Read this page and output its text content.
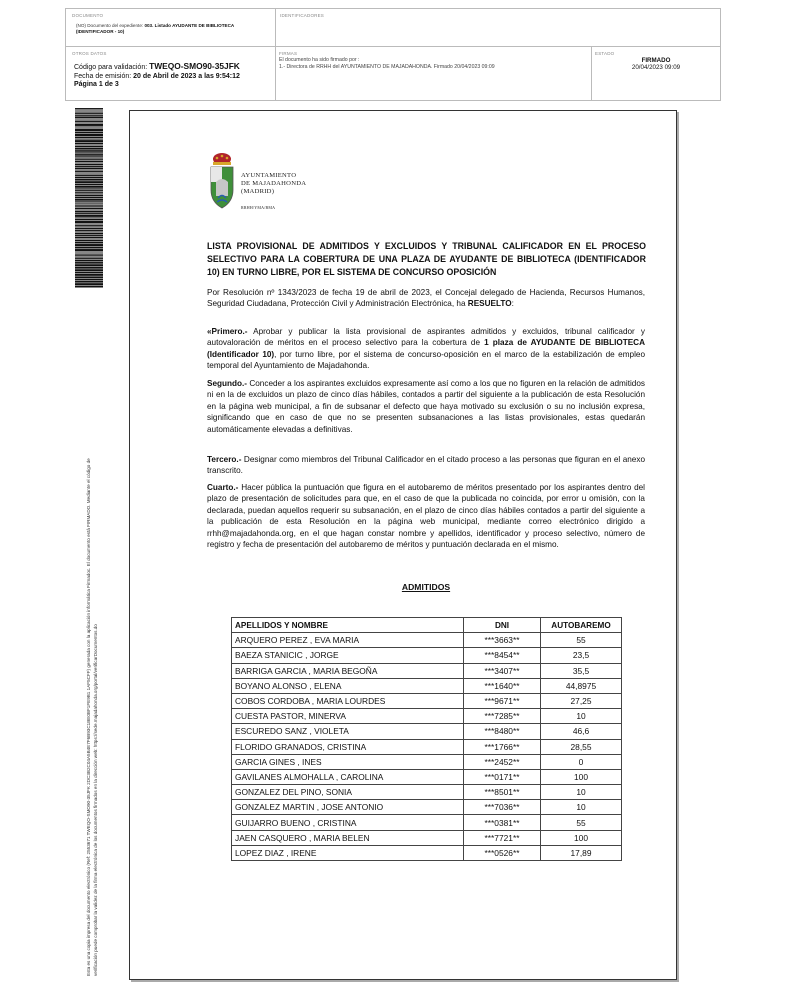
DOCUMENTO
(NO) Documento del expediente: 003. Listado AYUDANTE DE BIBLIOTECA (IDENTIFICADOR - 10)
IDENTIFICADORES
OTROS DATOS
Código para validación: TWEQO-SMO90-35JFK
Fecha de emisión: 20 de Abril de 2023 a las 9:54:12
Página 1 de 3
FIRMAS
El documento ha sido firmado por :
1.- Directora de RRHH del AYUNTAMIENTO DE MAJADAHONDA. Firmado 20/04/2023 09:09
ESTADO
FIRMADO
20/04/2023 09:09
Esta es una copia impresa del documento electrónico (Ref: 2553671 TWEQO-SMO90-35JFK 2DC3B2C04A5B4E7F6B93C1BE0BF1FE9B1 1AF5CFF) generada con la aplicación informática Firmadoc. El documento está FIRMADO. Mediante el código de verificación puede comprobar la validez de la firma electrónica de los documentos firmados en la dirección web: https://sede.majadahonda.org/portal/verificarDocumentos.do
AYUNTAMIENTO
DE MAJADAHONDA
(MADRID)
RRHH/YMA/BMA
LISTA PROVISIONAL DE ADMITIDOS Y EXCLUIDOS Y TRIBUNAL CALIFICADOR EN EL PROCESO SELECTIVO PARA LA COBERTURA DE UNA PLAZA DE AYUDANTE DE BIBLIOTECA (IDENTIFICADOR 10) EN TURNO LIBRE, POR EL SISTEMA DE CONCURSO OPOSICIÓN
Por Resolución nº 1343/2023 de fecha 19 de abril de 2023, el Concejal delegado de Hacienda, Recursos Humanos, Seguridad Ciudadana, Protección Civil y Administración Electrónica, ha RESUELTO:
«Primero.- Aprobar y publicar la lista provisional de aspirantes admitidos y excluidos, tribunal calificador y autovaloración de méritos en el proceso selectivo para la cobertura de 1 plaza de AYUDANTE DE BIBLIOTECA (Identificador 10), por turno libre, por el sistema de concurso-oposición en el marco de la estabilización de empleo temporal del Ayuntamiento de Majadahonda.
Segundo.- Conceder a los aspirantes excluidos expresamente así como a los que no figuren en la relación de admitidos ni en la de excluidos un plazo de cinco días hábiles, contados a partir del siguiente a la publicación de esta Resolución en la página web municipal, a fin de subsanar el defecto que haya motivado su exclusión o su no inclusión expresa, significando que en caso de que no se presenten subsanaciones a las listas provisionales, estas quedarán automáticamente elevadas a definitivas.
Tercero.- Designar como miembros del Tribunal Calificador en el citado proceso a las personas que figuran en el anexo transcrito.
Cuarto.- Hacer pública la puntuación que figura en el autobaremo de méritos presentado por los aspirantes dentro del plazo de presentación de solicitudes para que, en el caso de que la publicada no coincida, por error u omisión, con la declarada, puedan aquellos requerir su subsanación, en el plazo de cinco días hábiles contados a partir del siguiente a la publicación de esta Resolución en la página web municipal, mediante correo electrónico dirigido a rrhh@majadahonda.org, en el que hagan constar nombre y apellidos, identificador y proceso selectivo, número de registro y fecha de presentación del autobaremo de méritos y puntuación declarada en el mismo.
ADMITIDOS
APELLIDOS Y NOMBRE	DNI	AUTOBAREMO
ARQUERO PEREZ , EVA MARIA	***3663**	55
BAEZA STANICIC , JORGE	***8454**	23,5
BARRIGA GARCIA , MARIA BEGOÑA	***3407**	35,5
BOYANO ALONSO , ELENA	***1640**	44,8975
COBOS CORDOBA , MARIA LOURDES	***9671**	27,25
CUESTA PASTOR, MINERVA	***7285**	10
ESCUREDO SANZ , VIOLETA	***8480**	46,6
FLORIDO GRANADOS, CRISTINA	***1766**	28,55
GARCIA GINES , INES	***2452**	0
GAVILANES ALMOHALLA , CAROLINA	***0171**	100
GONZALEZ DEL PINO, SONIA	***8501**	10
GONZALEZ MARTIN , JOSE ANTONIO	***7036**	10
GUIJARRO BUENO , CRISTINA	***0381**	55
JAEN CASQUERO , MARIA BELEN	***7721**	100
LOPEZ DIAZ , IRENE	***0526**	17,89
